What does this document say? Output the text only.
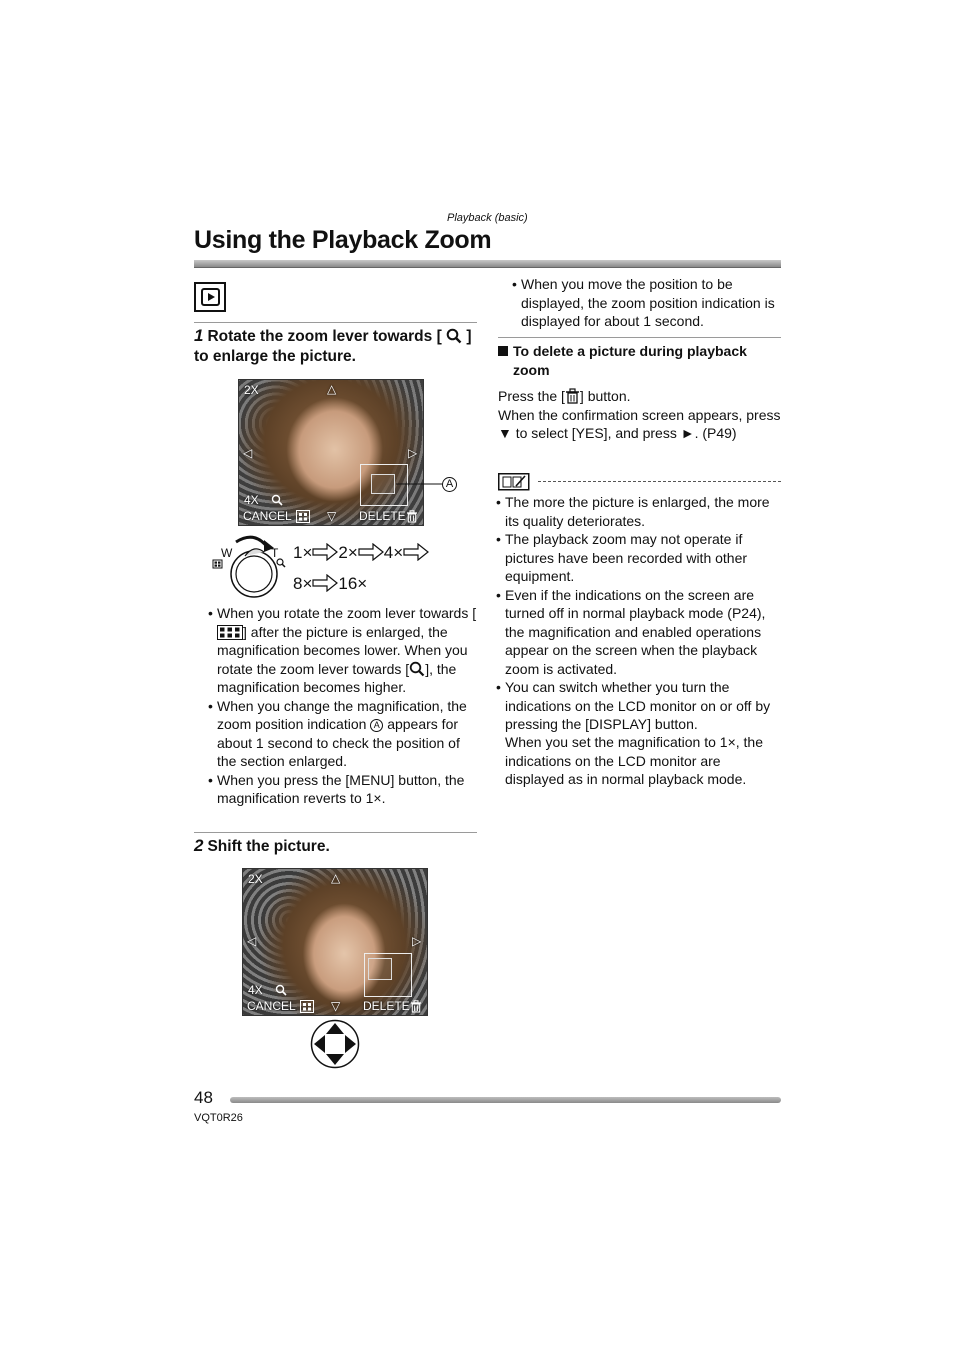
Playback (basic)
Using the Playback Zoom
1 Rotate the zoom lever towards [ ] to enlarge the picture.
2X	△
◁	▷
4X
CANCEL	▽ DELETE
A
W	T 1× 2× 4×
8× 16×
• When you rotate the zoom lever towards [] after the picture is enlarged, the magnification becomes lower. When you rotate the zoom lever towards [ ], the magnification becomes higher.
• When you change the magnification, the zoom position indication A appears for about 1 second to check the position of the section enlarged.
• When you press the [MENU] button, the magnification reverts to 1×.
2 Shift the picture.
2X	△
◁	▷
4X
CANCEL	▽ DELETE
• When you move the position to be displayed, the zoom position indication is displayed for about 1 second.
To delete a picture during playback zoom
Press the [ ] button.
When the confirmation screen appears, press ▼ to select [YES], and press ►. (P49)
• The more the picture is enlarged, the more its quality deteriorates.
• The playback zoom may not operate if pictures have been recorded with other equipment.
• Even if the indications on the screen are turned off in normal playback mode (P24), the magnification and enabled operations appear on the screen when the playback zoom is activated.
• You can switch whether you turn the indications on the LCD monitor on or off by pressing the [DISPLAY] button.
When you set the magnification to 1×, the indications on the LCD monitor are displayed as in normal playback mode.
48
VQT0R26
